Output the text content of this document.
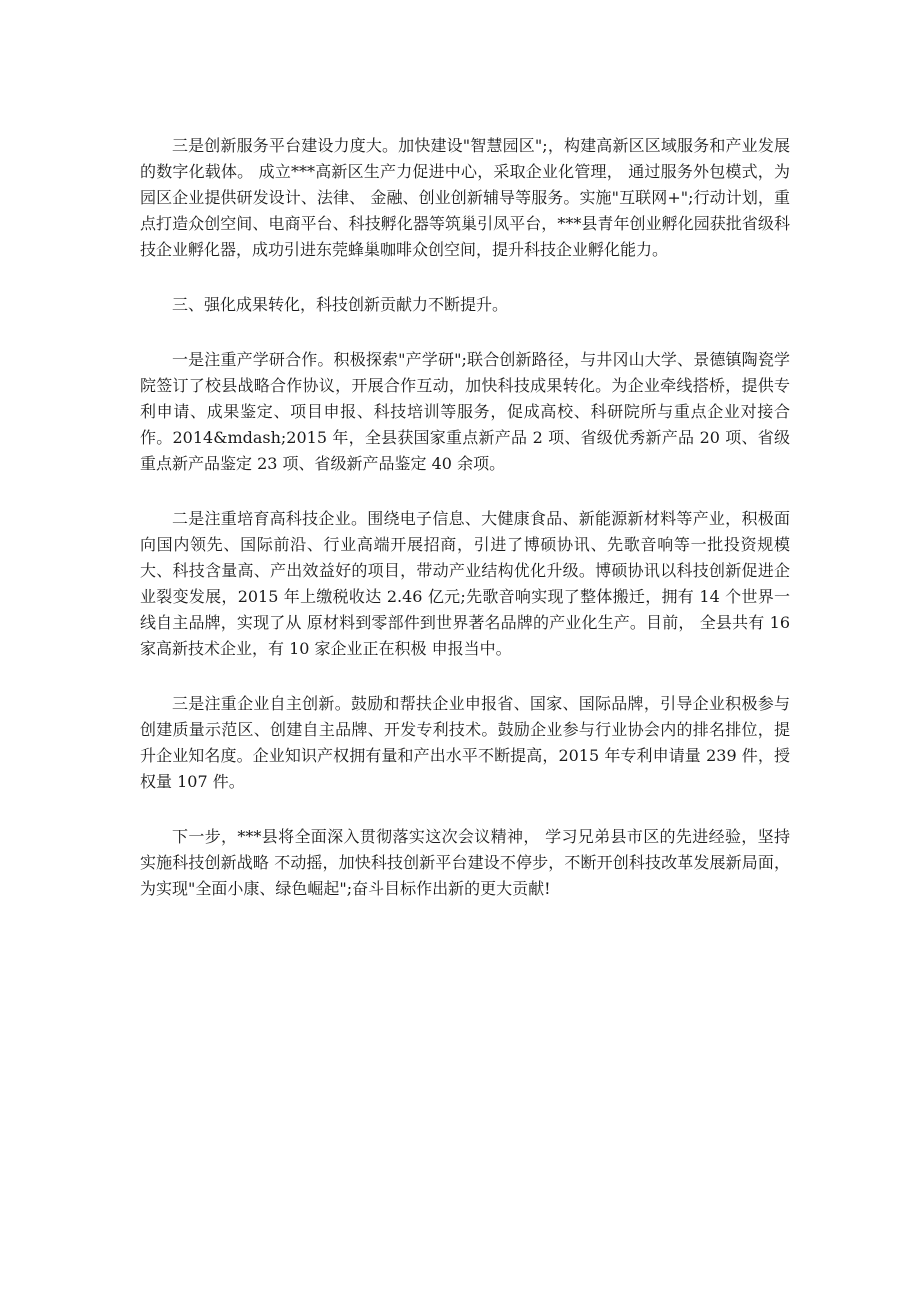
三是创新服务平台建设力度大。加快建设"智慧园区";，构建高新区区域服务和产业发展的数字化载体。 成立***高新区生产力促进中心，采取企业化管理， 通过服务外包模式，为园区企业提供研发设计、法律、 金融、创业创新辅导等服务。实施"互联网+";行动计划，重点打造众创空间、电商平台、科技孵化器等筑巢引凤平台，***县青年创业孵化园获批省级科技企业孵化器，成功引进东莞蜂巢咖啡众创空间，提升科技企业孵化能力。

三、强化成果转化，科技创新贡献力不断提升。

一是注重产学研合作。积极探索"产学研";联合创新路径，与井冈山大学、景德镇陶瓷学院签订了校县战略合作协议，开展合作互动，加快科技成果转化。为企业牵线搭桥，提供专利申请、成果鉴定、项目申报、科技培训等服务，促成高校、科研院所与重点企业对接合作。2014&mdash;2015 年，全县获国家重点新产品 2 项、省级优秀新产品 20 项、省级重点新产品鉴定 23 项、省级新产品鉴定 40 余项。

二是注重培育高科技企业。围绕电子信息、大健康食品、新能源新材料等产业，积极面向国内领先、国际前沿、行业高端开展招商，引进了博硕协讯、先歌音响等一批投资规模大、科技含量高、产出效益好的项目，带动产业结构优化升级。博硕协讯以科技创新促进企业裂变发展，2015 年上缴税收达 2.46 亿元;先歌音响实现了整体搬迁，拥有 14 个世界一线自主品牌，实现了从 原材料到零部件到世界著名品牌的产业化生产。目前， 全县共有 16 家高新技术企业，有 10 家企业正在积极 申报当中。

三是注重企业自主创新。鼓励和帮扶企业申报省、国家、国际品牌，引导企业积极参与创建质量示范区、创建自主品牌、开发专利技术。鼓励企业参与行业协会内的排名排位，提升企业知名度。企业知识产权拥有量和产出水平不断提高，2015 年专利申请量 239 件，授权量 107 件。

下一步，***县将全面深入贯彻落实这次会议精神， 学习兄弟县市区的先进经验，坚持实施科技创新战略 不动摇，加快科技创新平台建设不停步，不断开创科技改革发展新局面，为实现"全面小康、绿色崛起";奋斗目标作出新的更大贡献!
